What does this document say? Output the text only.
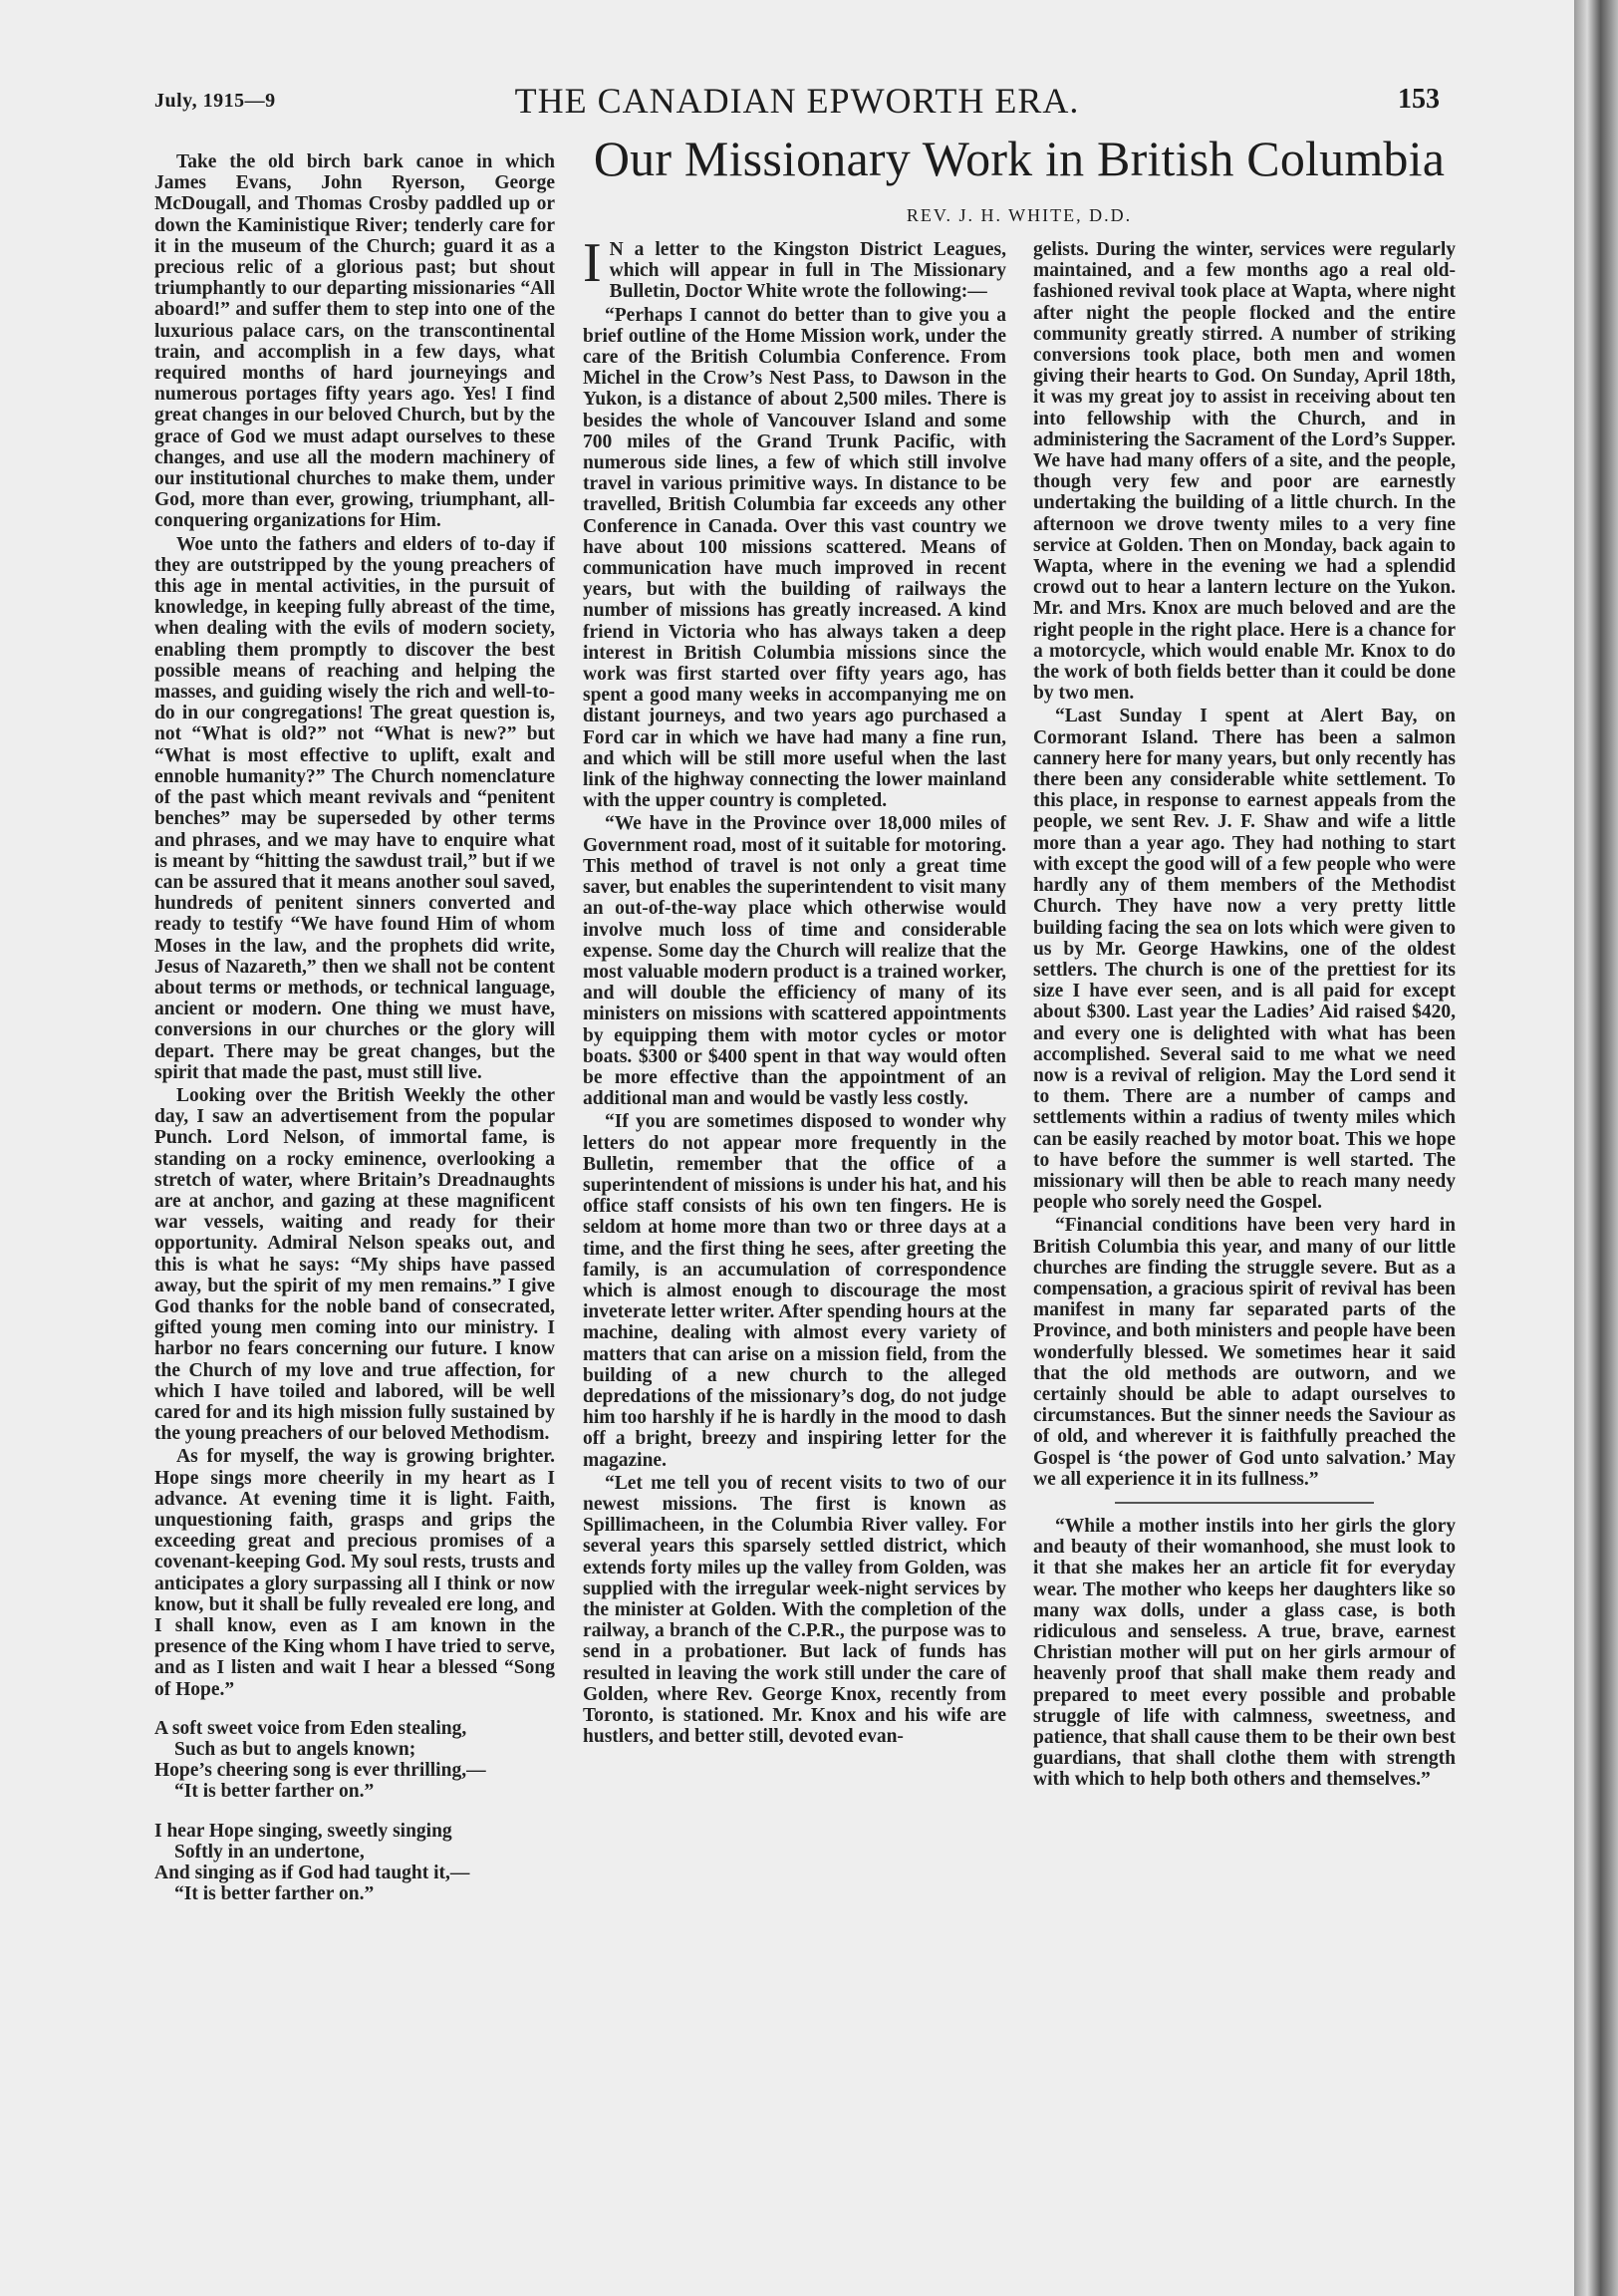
July, 1915—9	THE CANADIAN EPWORTH ERA.	153

Take the old birch bark canoe in which James Evans, John Ryerson, George McDougall, and Thomas Crosby paddled up or down the Kaministique River; tenderly care for it in the museum of the Church; guard it as a precious relic of a glorious past; but shout triumphantly to our departing missionaries “All aboard!” and suffer them to step into one of the luxurious palace cars, on the transcontinental train, and accomplish in a few days, what required months of hard journeyings and numerous portages fifty years ago. Yes! I find great changes in our beloved Church, but by the grace of God we must adapt ourselves to these changes, and use all the modern machinery of our institutional churches to make them, under God, more than ever, growing, triumphant, all-conquering organizations for Him.

Woe unto the fathers and elders of to-day if they are outstripped by the young preachers of this age in mental activities, in the pursuit of knowledge, in keeping fully abreast of the time, when dealing with the evils of modern society, enabling them promptly to discover the best possible means of reaching and helping the masses, and guiding wisely the rich and well-to-do in our congregations! The great question is, not “What is old?” not “What is new?” but “What is most effective to uplift, exalt and ennoble humanity?” The Church nomenclature of the past which meant revivals and “penitent benches” may be superseded by other terms and phrases, and we may have to enquire what is meant by “hitting the sawdust trail,” but if we can be assured that it means another soul saved, hundreds of penitent sinners converted and ready to testify “We have found Him of whom Moses in the law, and the prophets did write, Jesus of Nazareth,” then we shall not be content about terms or methods, or technical language, ancient or modern. One thing we must have, conversions in our churches or the glory will depart. There may be great changes, but the spirit that made the past, must still live.

Looking over the British Weekly the other day, I saw an advertisement from the popular Punch. Lord Nelson, of immortal fame, is standing on a rocky eminence, overlooking a stretch of water, where Britain’s Dreadnaughts are at anchor, and gazing at these magnificent war vessels, waiting and ready for their opportunity. Admiral Nelson speaks out, and this is what he says: “My ships have passed away, but the spirit of my men remains.” I give God thanks for the noble band of consecrated, gifted young men coming into our ministry. I harbor no fears concerning our future. I know the Church of my love and true affection, for which I have toiled and labored, will be well cared for and its high mission fully sustained by the young preachers of our beloved Methodism.

As for myself, the way is growing brighter. Hope sings more cheerily in my heart as I advance. At evening time it is light. Faith, unquestioning faith, grasps and grips the exceeding great and precious promises of a covenant-keeping God. My soul rests, trusts and anticipates a glory surpassing all I think or now know, but it shall be fully revealed ere long, and I shall know, even as I am known in the presence of the King whom I have tried to serve, and as I listen and wait I hear a blessed “Song of Hope.”

A soft sweet voice from Eden stealing,
Such as but to angels known;
Hope’s cheering song is ever thrilling,—
“It is better farther on.”
I hear Hope singing, sweetly singing
Softly in an undertone,
And singing as if God had taught it,—
“It is better farther on.”
Our Missionary Work in British Columbia
REV. J. H. WHITE, D.D.

I N a letter to the Kingston District Leagues, which will appear in full in The Missionary Bulletin, Doctor White wrote the following:—

“Perhaps I cannot do better than to give you a brief outline of the Home Mission work, under the care of the British Columbia Conference. From Michel in the Crow’s Nest Pass, to Dawson in the Yukon, is a distance of about 2,500 miles. There is besides the whole of Vancouver Island and some 700 miles of the Grand Trunk Pacific, with numerous side lines, a few of which still involve travel in various primitive ways. In distance to be travelled, British Columbia far exceeds any other Conference in Canada. Over this vast country we have about 100 missions scattered. Means of communication have much improved in recent years, but with the building of railways the number of missions has greatly increased. A kind friend in Victoria who has always taken a deep interest in British Columbia missions since the work was first started over fifty years ago, has spent a good many weeks in accompanying me on distant journeys, and two years ago purchased a Ford car in which we have had many a fine run, and which will be still more useful when the last link of the highway connecting the lower mainland with the upper country is completed.

“We have in the Province over 18,000 miles of Government road, most of it suitable for motoring. This method of travel is not only a great time saver, but enables the superintendent to visit many an out-of-the-way place which otherwise would involve much loss of time and considerable expense. Some day the Church will realize that the most valuable modern product is a trained worker, and will double the efficiency of many of its ministers on missions with scattered appointments by equipping them with motor cycles or motor boats. $300 or $400 spent in that way would often be more effective than the appointment of an additional man and would be vastly less costly.

“If you are sometimes disposed to wonder why letters do not appear more frequently in the Bulletin, remember that the office of a superintendent of missions is under his hat, and his office staff consists of his own ten fingers. He is seldom at home more than two or three days at a time, and the first thing he sees, after greeting the family, is an accumulation of correspondence which is almost enough to discourage the most inveterate letter writer. After spending hours at the machine, dealing with almost every variety of matters that can arise on a mission field, from the building of a new church to the alleged depredations of the missionary’s dog, do not judge him too harshly if he is hardly in the mood to dash off a bright, breezy and inspiring letter for the magazine.

“Let me tell you of recent visits to two of our newest missions. The first is known as Spillimacheen, in the Columbia River valley. For several years this sparsely settled district, which extends forty miles up the valley from Golden, was supplied with the irregular week-night services by the minister at Golden. With the completion of the railway, a branch of the C.P.R., the purpose was to send in a probationer. But lack of funds has resulted in leaving the work still under the care of Golden, where Rev. George Knox, recently from Toronto, is stationed. Mr. Knox and his wife are hustlers, and better still, devoted evan-

gelists. During the winter, services were regularly maintained, and a few months ago a real old-fashioned revival took place at Wapta, where night after night the people flocked and the entire community greatly stirred. A number of striking conversions took place, both men and women giving their hearts to God. On Sunday, April 18th, it was my great joy to assist in receiving about ten into fellowship with the Church, and in administering the Sacrament of the Lord’s Supper. We have had many offers of a site, and the people, though very few and poor are earnestly undertaking the building of a little church. In the afternoon we drove twenty miles to a very fine service at Golden. Then on Monday, back again to Wapta, where in the evening we had a splendid crowd out to hear a lantern lecture on the Yukon. Mr. and Mrs. Knox are much beloved and are the right people in the right place. Here is a chance for a motorcycle, which would enable Mr. Knox to do the work of both fields better than it could be done by two men.

“Last Sunday I spent at Alert Bay, on Cormorant Island. There has been a salmon cannery here for many years, but only recently has there been any considerable white settlement. To this place, in response to earnest appeals from the people, we sent Rev. J. F. Shaw and wife a little more than a year ago. They had nothing to start with except the good will of a few people who were hardly any of them members of the Methodist Church. They have now a very pretty little building facing the sea on lots which were given to us by Mr. George Hawkins, one of the oldest settlers. The church is one of the prettiest for its size I have ever seen, and is all paid for except about $300. Last year the Ladies’ Aid raised $420, and every one is delighted with what has been accomplished. Several said to me what we need now is a revival of religion. May the Lord send it to them. There are a number of camps and settlements within a radius of twenty miles which can be easily reached by motor boat. This we hope to have before the summer is well started. The missionary will then be able to reach many needy people who sorely need the Gospel.

“Financial conditions have been very hard in British Columbia this year, and many of our little churches are finding the struggle severe. But as a compensation, a gracious spirit of revival has been manifest in many far separated parts of the Province, and both ministers and people have been wonderfully blessed. We sometimes hear it said that the old methods are outworn, and we certainly should be able to adapt ourselves to circumstances. But the sinner needs the Saviour as of old, and wherever it is faithfully preached the Gospel is ‘the power of God unto salvation.’ May we all experience it in its fullness.”

“While a mother instils into her girls the glory and beauty of their womanhood, she must look to it that she makes her an article fit for everyday wear. The mother who keeps her daughters like so many wax dolls, under a glass case, is both ridiculous and senseless. A true, brave, earnest Christian mother will put on her girls armour of heavenly proof that shall make them ready and prepared to meet every possible and probable struggle of life with calmness, sweetness, and patience, that shall cause them to be their own best guardians, that shall clothe them with strength with which to help both others and themselves.”
